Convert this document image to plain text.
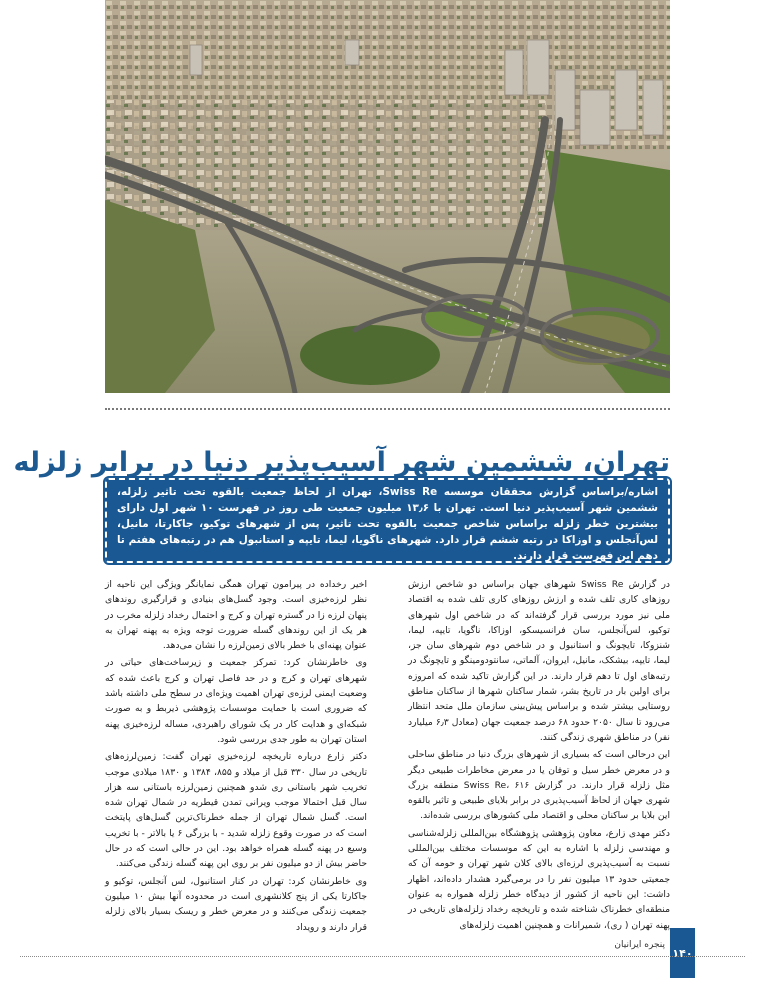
تهران، ششمین شهر آسیب‌پذیر دنیا در برابر زلزله
اشاره/براساس گزارش محققان موسسه Swiss Re، تهران از لحاظ جمعیت بالقوه تحت تاثیر زلزله، ششمین شهر آسیب‌پذیر دنیا است. تهران با ۱۳٫۶ میلیون جمعیت طی روز در فهرست ۱۰ شهر اول دارای بیشترین خطر زلزله براساس شاخص جمعیت بالقوه تحت تاثیر، پس از شهرهای توکیو، جاکارتا، مانیل، لس‌آنجلس و اوزاکا در رتبه ششم قرار دارد. شهرهای ناگویا، لیما، تایپه و استانبول هم در رتبه‌های هفتم تا دهم این فهرست قرار دارند.

در گزارش Swiss Re شهرهای جهان براساس دو شاخص ارزش روزهای کاری تلف شده و ارزش روزهای کاری تلف شده به اقتصاد ملی نیز مورد بررسی قرار گرفته‌اند که در شاخص اول شهرهای توکیو، لس‌آنجلس، سان فرانسیسکو، اوزاکا، ناگویا، تایپه، لیما، شنزوکا، تایچونگ و استانبول و در شاخص دوم شهرهای سان جز، لیما، تایپه، بیشکک، مانیل، ایروان، آلماتی، سانتودومینگو و تایچونگ در رتبه‌های اول تا دهم قرار دارند. در این گزارش تاکید شده که امروزه برای اولین بار در تاریخ بشر، شمار ساکنان شهرها از ساکنان مناطق روستایی بیشتر شده و براساس پیش‌بینی سازمان ملل متحد انتظار می‌رود تا سال ۲۰۵۰ حدود ۶۸ درصد جمعیت جهان (معادل ۶٫۳ میلیارد نفر) در مناطق شهری زندگی کنند.

این درحالی است که بسیاری از شهرهای بزرگ دنیا در مناطق ساحلی و در معرض خطر سیل و توفان یا در معرض مخاطرات طبیعی دیگر مثل زلزله قرار دارند. در گزارش Swiss Re، ۶۱۶ منطقه بزرگ شهری جهان از لحاظ آسیب‌پذیری در برابر بلایای طبیعی و تاثیر بالقوه این بلایا بر ساکنان محلی و اقتصاد ملی کشورهای بررسی شده‌اند.

دکتر مهدی زارع، معاون پژوهشی پژوهشگاه بین‌المللی زلزله‌شناسی و مهندسی زلزله با اشاره به این که موسسات مختلف بین‌المللی نسبت به آسیب‌پذیری لرزه‌ای بالای کلان شهر تهران و حومه آن که جمعیتی حدود ۱۳ میلیون نفر را در برمی‌گیرد هشدار داده‌اند، اظهار داشت: این ناحیه از کشور از دیدگاه خطر زلزله همواره به عنوان منطقه‌ای خطرناک شناخته شده و تاریخچه رخداد زلزله‌های تاریخی در پهنه تهران ( ری)، شمیرانات و همچنین اهمیت زلزله‌های

اخیر رخداده در پیرامون تهران همگی نمایانگر ویژگی این ناحیه از نظر لرزه‌خیزی است. وجود گسل‌های بنیادی و قرارگیری روندهای پنهان لرزه زا در گستره تهران و کرج و احتمال رخداد زلزله مخرب در هر یک از این روندهای گسله ضرورت توجه ویژه به پهنه تهران به عنوان پهنه‌ای با خطر بالای زمین‌لرزه را نشان می‌دهد.

وی خاطرنشان کرد: تمرکز جمعیت و زیرساخت‌های حیاتی در شهرهای تهران و کرج و در حد فاصل تهران و کرج باعث شده که وضعیت ایمنی لرزه‌ی تهران اهمیت ویژه‌ای در سطح ملی داشته باشد که ضروری است با حمایت موسسات پژوهشی ذیربط و به صورت شبکه‌ای و هدایت کار در یک شورای راهبردی، مساله لرزه‌خیزی پهنه استان تهران به طور جدی بررسی شود.

دکتر زارع درباره تاریخچه لرزه‌خیزی تهران گفت: زمین‌لرزه‌های تاریخی در سال ۳۳۰ قبل از میلاد و ۸۵۵، ۱۳۸۴ و ۱۸۳۰ میلادی موجب تخریب شهر باستانی ری شدو همچنین زمین‌لرزه باستانی سه هزار سال قبل احتمالا موجب ویرانی تمدن قیطریه در شمال تهران شده است. گسل شمال تهران از جمله خطرناک‌ترین گسل‌های پایتخت است که در صورت وقوع زلزله شدید - با بزرگی ۶ یا بالاتر - با تخریب وسیع در پهنه گسله همراه خواهد بود. این در حالی است که در حال حاضر بیش از دو میلیون نفر بر روی این پهنه گسله زندگی می‌کنند.

وی خاطرنشان کرد: تهران در کنار استانبول، لس آنجلس، توکیو و جاکارتا یکی از پنج کلانشهری است در محدوده آنها بیش ۱۰ میلیون جمعیت زندگی می‌کنند و در معرض خطر و ریسک بسیار بالای زلزله قرار دارند و رویداد

پنجره ایرانیان
۱۴۰
